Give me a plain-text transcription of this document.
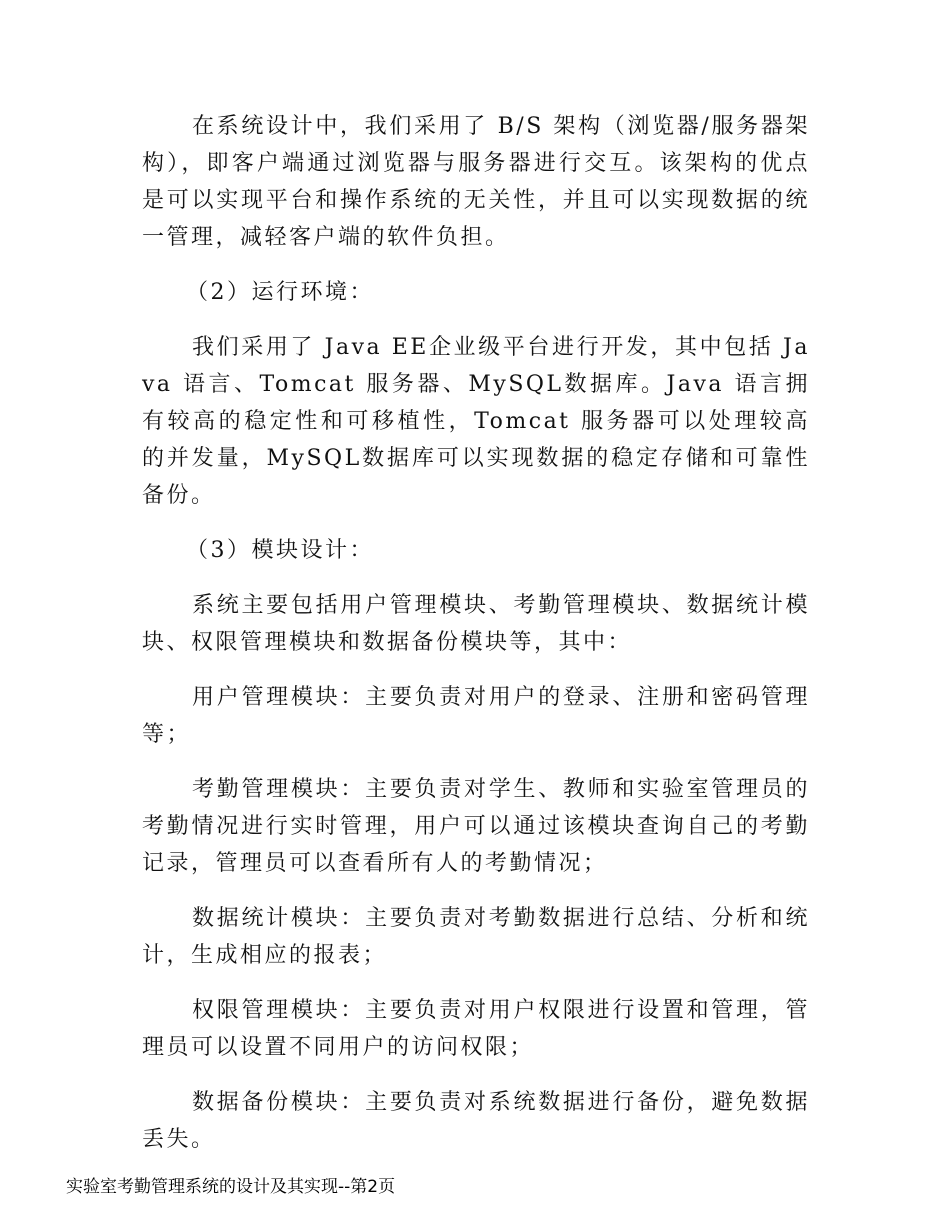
在系统设计中，我们采用了 B/S 架构（浏览器/服务器架构），即客户端通过浏览器与服务器进行交互。该架构的优点是可以实现平台和操作系统的无关性，并且可以实现数据的统一管理，减轻客户端的软件负担。

（2）运行环境：

我们采用了 Java EE企业级平台进行开发，其中包括 Java 语言、Tomcat 服务器、MySQL数据库。Java 语言拥有较高的稳定性和可移植性，Tomcat 服务器可以处理较高的并发量，MySQL数据库可以实现数据的稳定存储和可靠性备份。

（3）模块设计：

系统主要包括用户管理模块、考勤管理模块、数据统计模块、权限管理模块和数据备份模块等，其中：

用户管理模块：主要负责对用户的登录、注册和密码管理等；

考勤管理模块：主要负责对学生、教师和实验室管理员的考勤情况进行实时管理，用户可以通过该模块查询自己的考勤记录，管理员可以查看所有人的考勤情况；

数据统计模块：主要负责对考勤数据进行总结、分析和统计，生成相应的报表；

权限管理模块：主要负责对用户权限进行设置和管理，管理员可以设置不同用户的访问权限；

数据备份模块：主要负责对系统数据进行备份，避免数据丢失。

实验室考勤管理系统的设计及其实现--第2页
